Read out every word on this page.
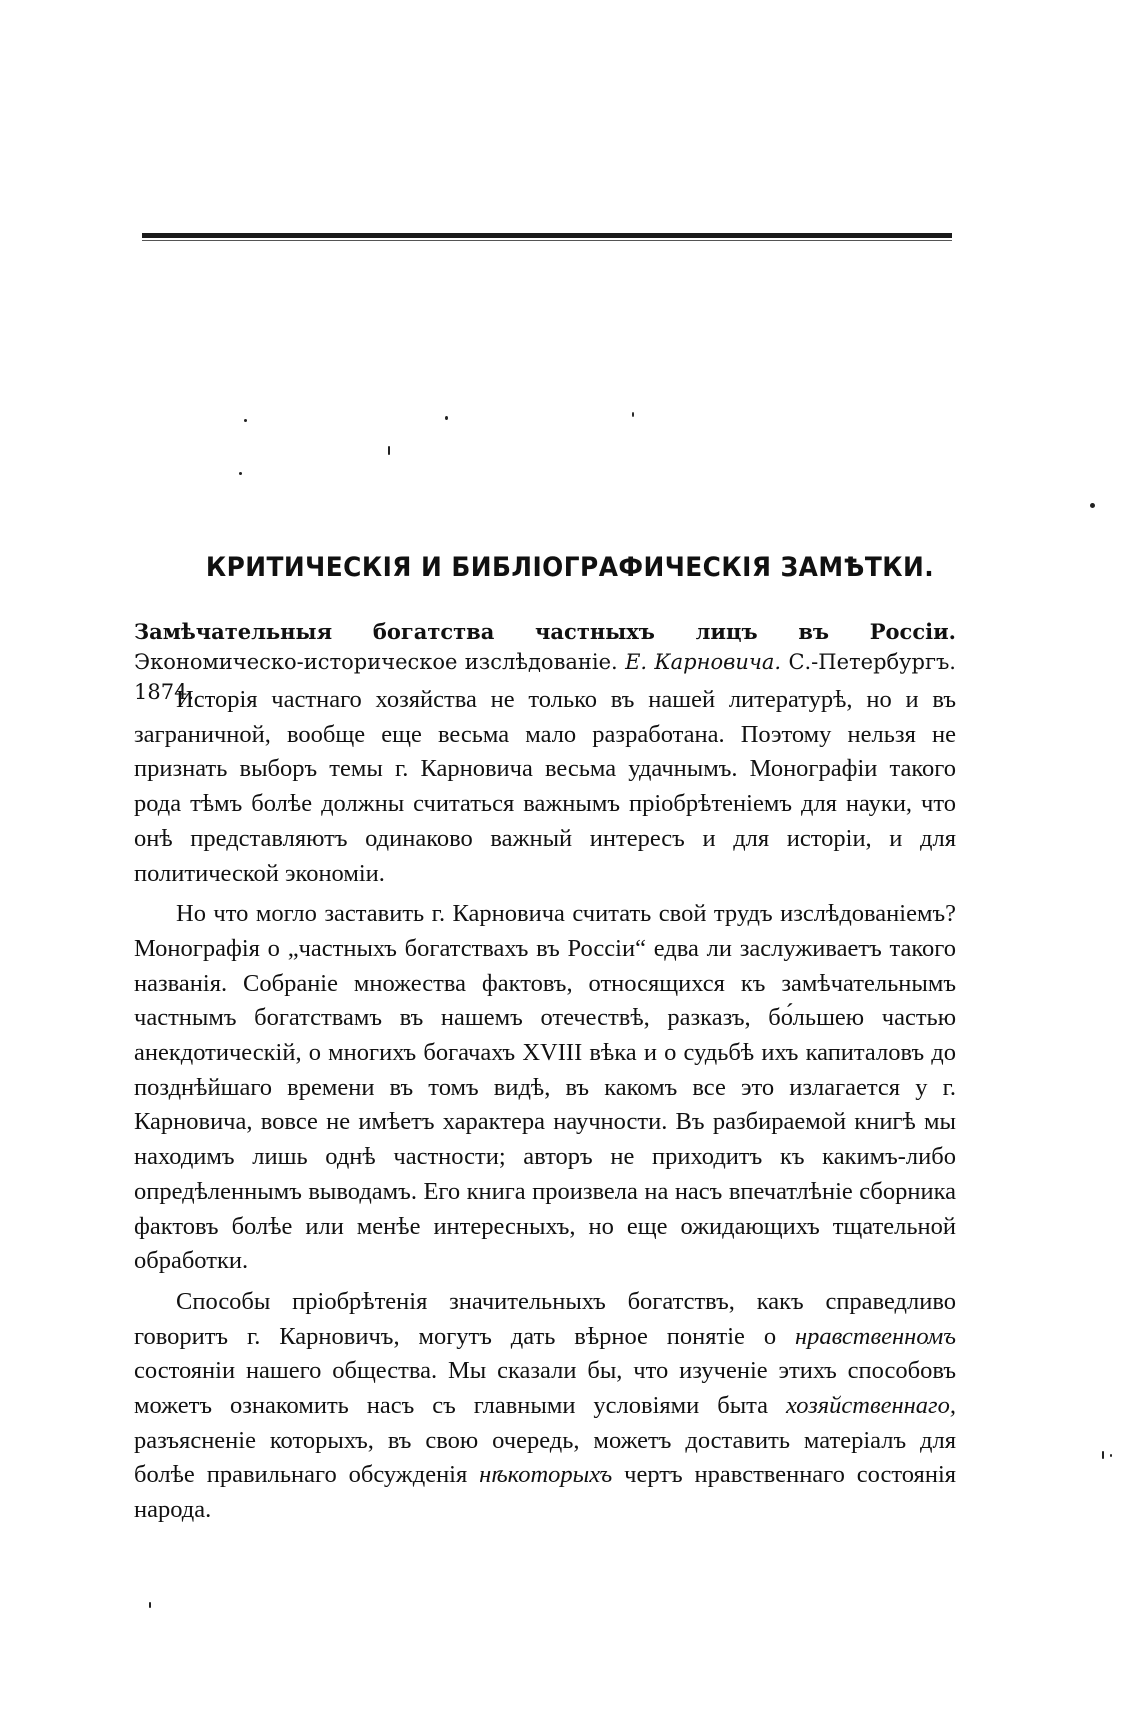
КРИТИЧЕСКІЯ И БИБЛІОГРАФИЧЕСКІЯ ЗАМѢТКИ.
Замѣчательныя богатства частныхъ лицъ въ Россіи. Экономическо-историческое изслѣдованіе. Е. Карновича. С.-Петербургъ. 1874.

Исторія частнаго хозяйства не только въ нашей литературѣ, но и въ заграничной, вообще еще весьма мало разработана. Поэтому нельзя не признать выборъ темы г. Карновича весьма удачнымъ. Монографіи такого рода тѣмъ болѣе должны считаться важнымъ пріобрѣтеніемъ для науки, что онѣ представляютъ одинаково важный интересъ и для исторіи, и для политической экономіи.

Но что могло заставить г. Карновича считать свой трудъ изслѣдованіемъ? Монографія о „частныхъ богатствахъ въ Россіи“ едва ли заслуживаетъ такого названія. Собраніе множества фактовъ, относящихся къ замѣчательнымъ частнымъ богатствамъ въ нашемъ отечествѣ, разказъ, бо́льшею частью анекдотическій, о многихъ богачахъ XVIII вѣка и о судьбѣ ихъ капиталовъ до позднѣйшаго времени въ томъ видѣ, въ какомъ все это излагается у г. Карновича, вовсе не имѣетъ характера научности. Въ разбираемой книгѣ мы находимъ лишь однѣ частности; авторъ не приходитъ къ какимъ-либо опредѣленнымъ выводамъ. Его книга произвела на насъ впечатлѣніе сборника фактовъ болѣе или менѣе интересныхъ, но еще ожидающихъ тщательной обработки.

Способы пріобрѣтенія значительныхъ богатствъ, какъ справедливо говоритъ г. Карновичъ, могутъ дать вѣрное понятіе о нравственномъ состояніи нашего общества. Мы сказали бы, что изученіе этихъ способовъ можетъ ознакомить насъ съ главными условіями быта хозяйственнаго, разъясненіе которыхъ, въ свою очередь, можетъ доставить матеріалъ для болѣе правильнаго обсужденія нѣкоторыхъ чертъ нравственнаго состоянія народа.
